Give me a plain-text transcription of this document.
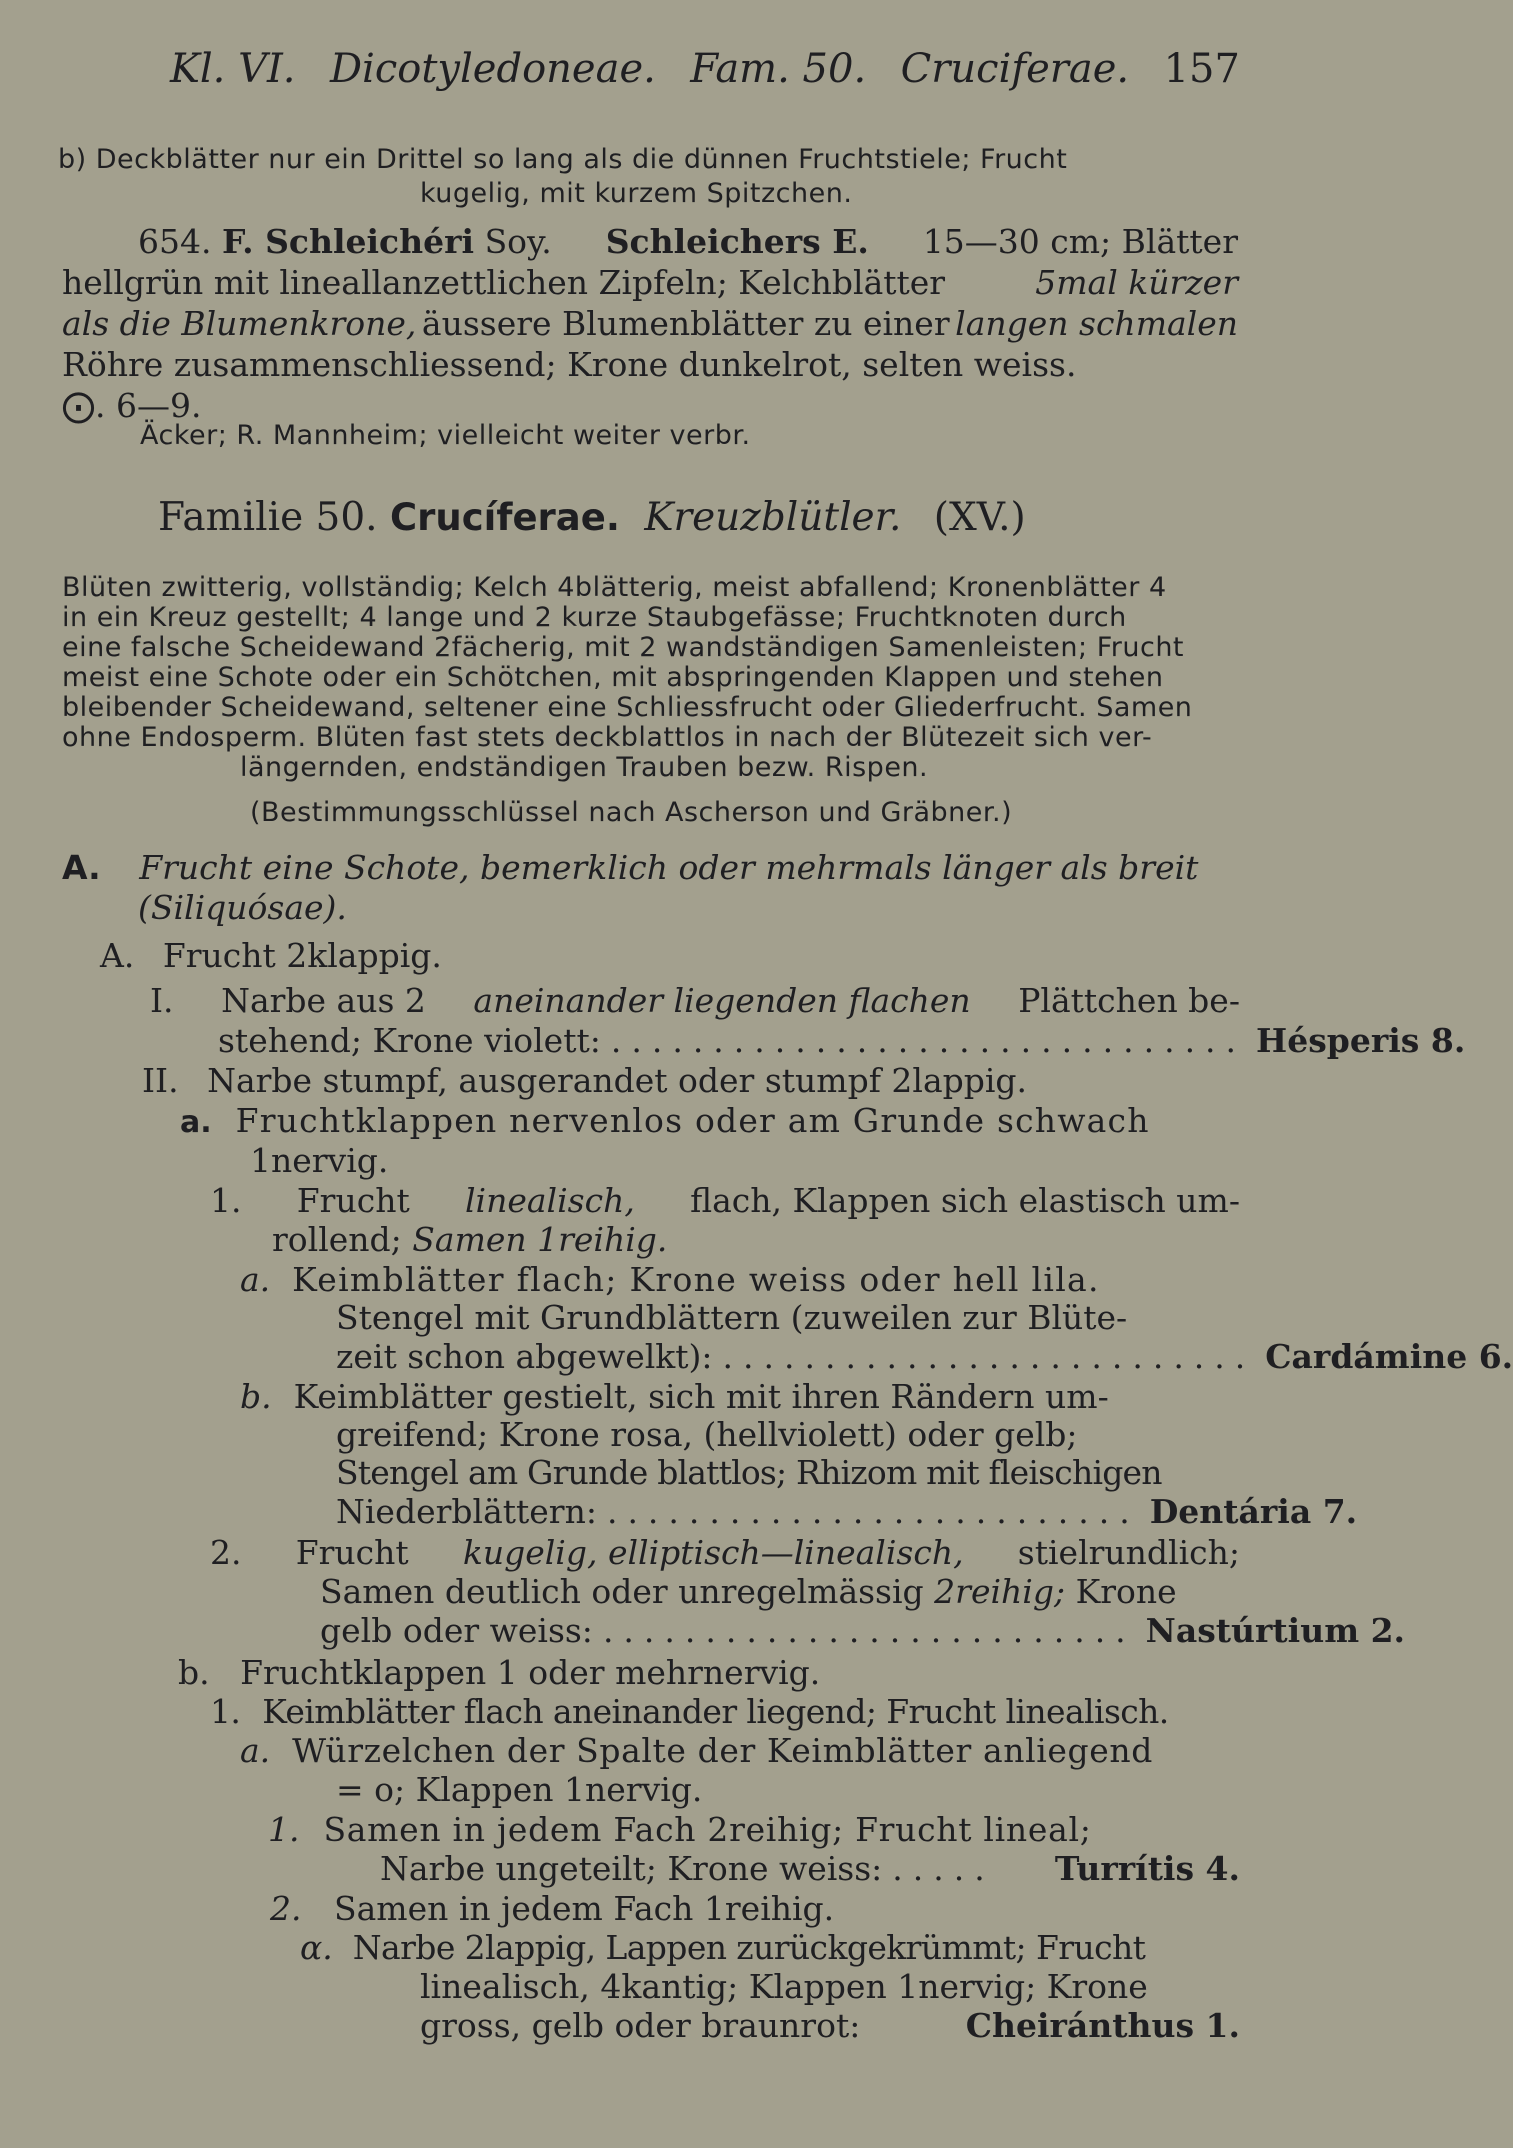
Kl. VI. Dicotyledoneae. Fam. 50. Cruciferae. 157
b) Deckblätter nur ein Drittel so lang als die dünnen Fruchtstiele; Frucht
kugelig, mit kurzem Spitzchen.
654. F. Schleichéri Soy. Schleichers E. 15—30 cm; Blätter
hellgrün mit lineallanzettlichen Zipfeln; Kelchblätter	5mal kürzer
als die Blumenkrone, äussere Blumenblätter zu einer langen schmalen
Röhre zusammenschliessend; Krone dunkelrot, selten weiss.
⨀. 6—9.
Äcker; R. Mannheim; vielleicht weiter verbr.
Familie 50. Crucíferae. Kreuzblütler. (XV.)
Blüten zwitterig, vollständig; Kelch 4blätterig, meist abfallend; Kronenblätter 4
in ein Kreuz gestellt; 4 lange und 2 kurze Staubgefässe; Fruchtknoten durch
eine falsche Scheidewand 2fächerig, mit 2 wandständigen Samenleisten; Frucht
meist eine Schote oder ein Schötchen, mit abspringenden Klappen und stehen
bleibender Scheidewand, seltener eine Schliessfrucht oder Gliederfrucht. Samen
ohne Endosperm. Blüten fast stets deckblattlos in nach der Blütezeit sich ver-
längernden, endständigen Trauben bezw. Rispen.
(Bestimmungsschlüssel nach Ascherson und Gräbner.)
A. Frucht eine Schote, bemerklich oder mehrmals länger als breit
(Siliquósae).
A. Frucht 2klappig.
I. Narbe aus 2 aneinander liegenden flachen Plättchen be-
stehend; Krone violett: ............................... Hésperis 8.
II. Narbe stumpf, ausgerandet oder stumpf 2lappig.
a. Fruchtklappen nervenlos oder am Grunde schwach
1nervig.
1. Frucht linealisch, flach, Klappen sich elastisch um-
rollend; Samen 1reihig.
a. Keimblätter flach; Krone weiss oder hell lila.
Stengel mit Grundblättern (zuweilen zur Blüte-
zeit schon abgewelkt): .......................... Cardámine 6.
b. Keimblätter gestielt, sich mit ihren Rändern um-
greifend; Krone rosa, (hellviolett) oder gelb;
Stengel am Grunde blattlos; Rhizom mit fleischigen
Niederblättern: .......................... Dentária 7.
2. Frucht kugelig, elliptisch—linealisch, stielrundlich;
Samen deutlich oder unregelmässig 2reihig; Krone
gelb oder weiss: .......................... Nastúrtium 2.
b. Fruchtklappen 1 oder mehrnervig.
1. Keimblätter flach aneinander liegend; Frucht linealisch.
a. Würzelchen der Spalte der Keimblätter anliegend
= o; Klappen 1nervig.
1. Samen in jedem Fach 2reihig; Frucht lineal;
Narbe ungeteilt; Krone weiss: .....	Turrítis 4.
2. Samen in jedem Fach 1reihig.
α. Narbe 2lappig, Lappen zurückgekrümmt; Frucht
linealisch, 4kantig; Klappen 1nervig; Krone
gross, gelb oder braunrot:	Cheiránthus 1.
